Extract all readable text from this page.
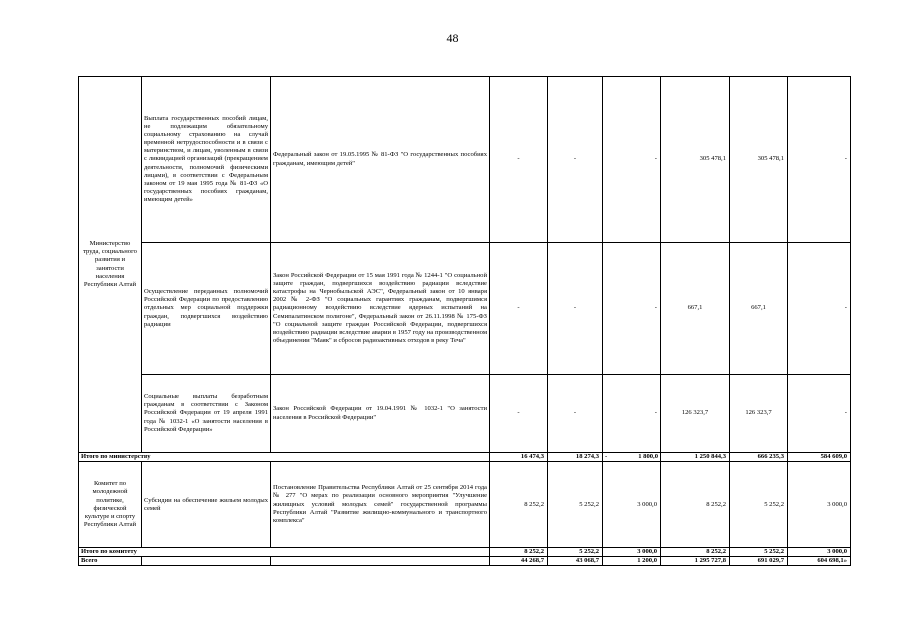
48
Министерство труда, социального развития и занятости населения Республики Алтай	Выплата государственных пособий лицам, не подлежащим обязательному социальному страхованию на случай временной нетрудоспособности и в связи с материнством, и лицам, уволенным в связи с ликвидацией организаций (прекращением деятельности, полномочий физическими лицами), в соответствии с Федеральным законом от 19 мая 1995 года № 81-ФЗ «О государственных пособиях гражданам, имеющим детей»	Федеральный закон от 19.05.1995 № 81-ФЗ "О государственных пособиях гражданам, имеющим детей"	-	-	-	305 478,1	305 478,1	-
	Осуществление переданных полномочий Российской Федерации по предоставлению отдельных мер социальной поддержки граждан, подвергшихся воздействию радиации	Закон Российской Федерации от 15 мая 1991 года № 1244-1 "О социальной защите граждан, подвергшихся воздействию радиации вследствие катастрофы на Чернобыльской АЭС", Федеральный закон от 10 января 2002 № 2-ФЗ "О социальных гарантиях гражданам, подвергшимся радиационному воздействию вследствие ядерных испытаний на Семипалатинском полигоне", Федеральный закон от 26.11.1998 № 175-ФЗ "О социальной защите граждан Российской Федерации, подвергшихся воздействию радиации вследствие аварии в 1957 году на производственном объединении "Маяк" и сбросов радиоактивных отходов в реку Теча"	-	-	-	667,1	667,1	-
	Социальные выплаты безработным гражданам в соответствии с Законом Российской Федерации от 19 апреля 1991 года № 1032-1 «О занятости населения в Российской Федерации»	Закон Российской Федерации от 19.04.1991 № 1032-1 "О занятости населения в Российской Федерации"	-	-	-	126 323,7	126 323,7	-
Итого по министерству			16 474,3	18 274,3	- 1 800,0	1 250 844,3	666 235,3	584 609,0
Комитет по молодежной политике, физической культуре и спорту Республики Алтай	Субсидии на обеспечение жильем молодых семей	Постановление Правительства Республики Алтай от 25 сентября 2014 года № 277 "О мерах по реализации основного мероприятия "Улучшение жилищных условий молодых семей" государственной программы Республики Алтай "Развитие жилищно-коммунального и транспортного комплекса"	8 252,2	5 252,2	3 000,0	8 252,2	5 252,2	3 000,0
Итого по комитету			8 252,2	5 252,2	3 000,0	8 252,2	5 252,2	3 000,0
Всего			44 268,7	43 068,7	1 200,0	1 295 727,8	691 029,7	604 698,1»
